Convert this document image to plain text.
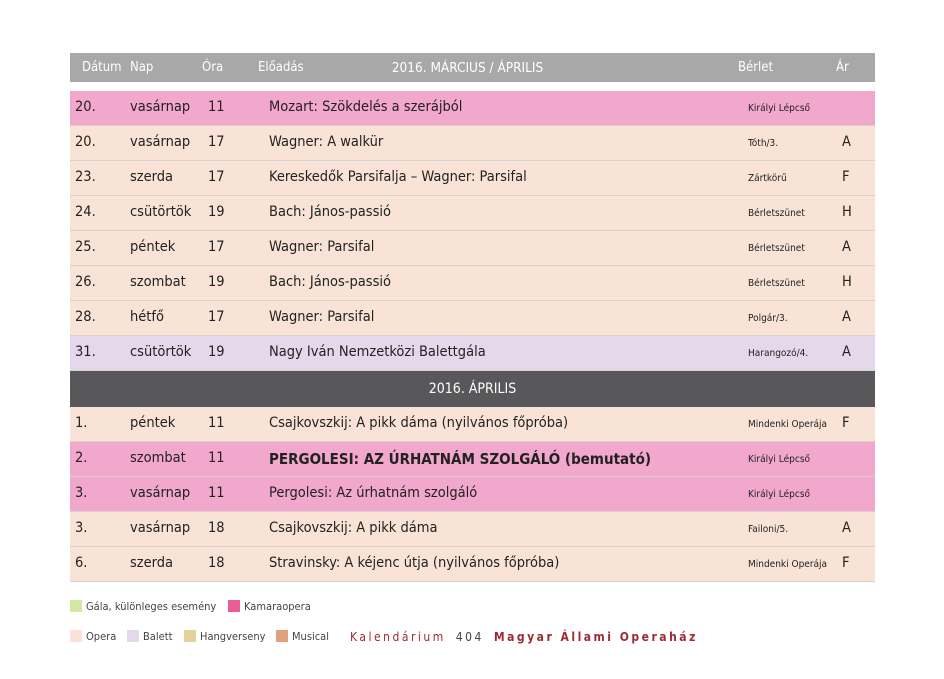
Dátum Nap	Óra	Előadás	2016. MÁRCIUS / ÁPRILIS	Bérlet	Ár
20. vasárnap 11	Mozart: Szökdelés a szerájból	Királyi Lépcső
20. vasárnap 17	Wagner: A walkür	Tóth/3.	A
23. szerda 17	Kereskedők Parsifalja – Wagner: Parsifal	Zártkörű	F
24. csütörtök 19	Bach: János-passió	Bérletszünet	H
25. péntek 17	Wagner: Parsifal	Bérletszünet	A
26. szombat 19	Bach: János-passió	Bérletszünet	H
28. hétfő	17	Wagner: Parsifal	Polgár/3.	A
31. csütörtök 19	Nagy Iván Nemzetközi Balettgála	Harangozó/4. A
2016. ÁPRILIS
1.	péntek 11	Csajkovszkij: A pikk dáma (nyilvános főpróba)	Mindenki Operája F
2.	szombat 11	PERGOLESI: AZ ÚRHATNÁM SZOLGÁLÓ (bemutató)	Királyi Lépcső
3.	vasárnap 11	Pergolesi: Az úrhatnám szolgáló	Királyi Lépcső
3.	vasárnap 18	Csajkovszkij: A pikk dáma	Failoni/5.	A
6.	szerda 18	Stravinsky: A kéjenc útja (nyilvános főpróba)	Mindenki Operája F
Gála, különleges esemény	Kamaraopera
Opera	Balett	Hangverseny	Musical Kalendárium 404 Magyar Állami Operaház
